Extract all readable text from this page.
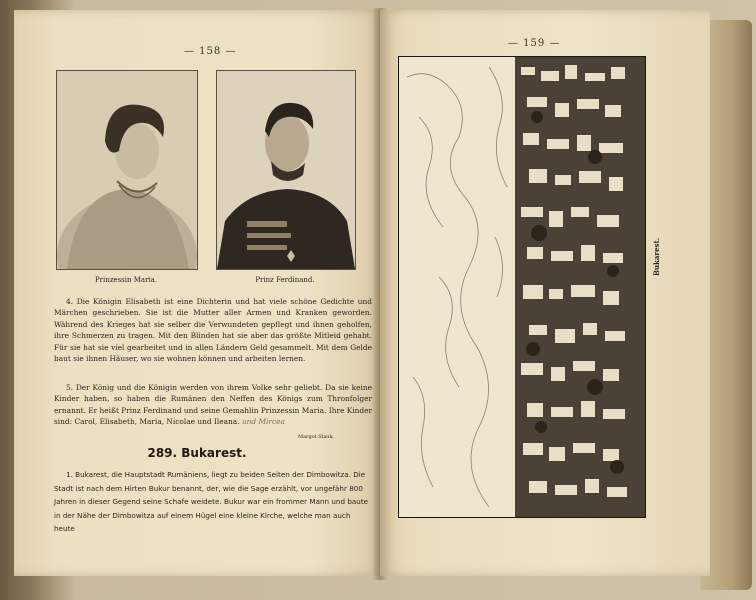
— 158 —
Prinzessin Maria.	Prinz Ferdinand.
4. Die Königin Elisabeth ist eine Dichterin und hat viele schöne Gedichte und Märchen geschrieben. Sie ist die Mutter aller Armen und Kranken geworden. Während des Krieges hat sie selber die Verwundeten gepflegt und ihnen geholfen, ihre Schmerzen zu tragen. Mit den Blinden hat sie aber das größte Mitleid gehabt. Für sie hat sie viel gearbeitet und in allen Ländern Geld gesammelt. Mit dem Gelde baut sie ihnen Häuser, wo sie wohnen können und arbeiten lernen.
5. Der König und die Königin werden von ihrem Volke sehr geliebt. Da sie keine Kinder haben, so haben die Rumänen den Neffen des Königs zum Thronfolger ernannt. Er heißt Prinz Ferdinand und seine Gemahlin Prinzessin Maria. Ihre Kinder sind: Carol, Elisabeth, Maria, Nicolae und Ileana. und Mircea
Margot Slauk.
289. Bukarest.
1. Bukarest, die Hauptstadt Rumäniens, liegt zu beiden Seiten der Dimbowitza. Die Stadt ist nach dem Hirten Bukur benannt, der, wie die Sage erzählt, vor ungefähr 800 Jahren in dieser Gegend seine Schafe weidete. Bukur war ein frommer Mann und baute in der Nähe der Dimbowitza auf einem Hügel eine kleine Kirche, welche man auch heute
— 159 —
Bukarest.
